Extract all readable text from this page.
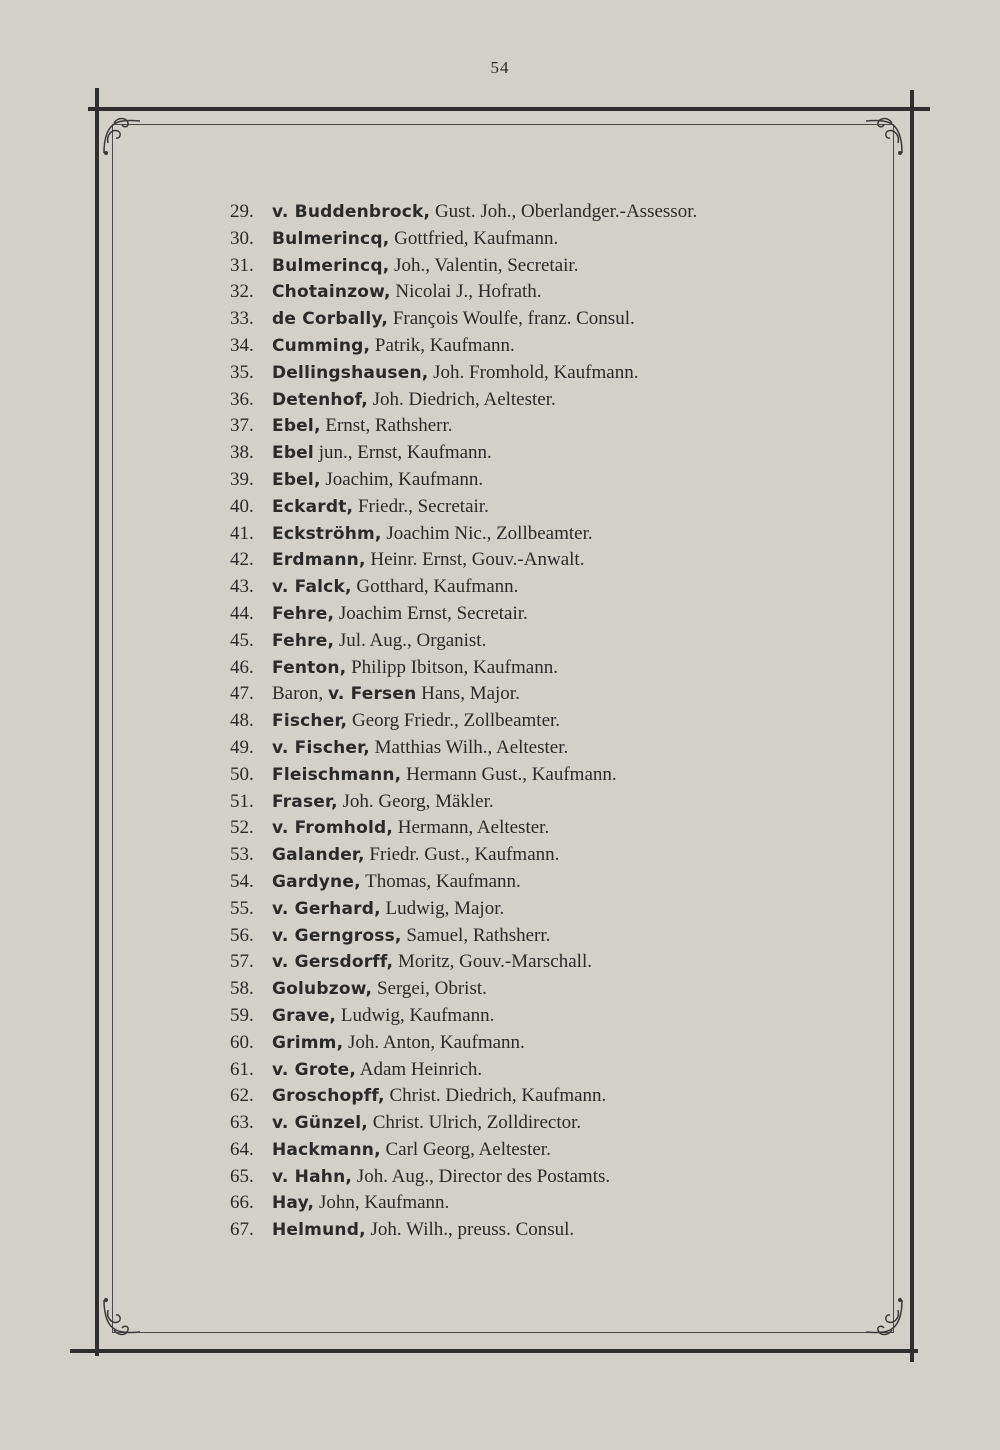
54
29. v. Buddenbrock, Gust. Joh., Oberlandger.-Assessor.
30. Bulmerincq, Gottfried, Kaufmann.
31. Bulmerincq, Joh., Valentin, Secretair.
32. Chotainzow, Nicolai J., Hofrath.
33. de Corbally, François Woulfe, franz. Consul.
34. Cumming, Patrik, Kaufmann.
35. Dellingshausen, Joh. Fromhold, Kaufmann.
36. Detenhof, Joh. Diedrich, Aeltester.
37. Ebel, Ernst, Rathsherr.
38. Ebel jun., Ernst, Kaufmann.
39. Ebel, Joachim, Kaufmann.
40. Eckardt, Friedr., Secretair.
41. Eckströhm, Joachim Nic., Zollbeamter.
42. Erdmann, Heinr. Ernst, Gouv.-Anwalt.
43. v. Falck, Gotthard, Kaufmann.
44. Fehre, Joachim Ernst, Secretair.
45. Fehre, Jul. Aug., Organist.
46. Fenton, Philipp Ibitson, Kaufmann.
47. Baron, v. Fersen Hans, Major.
48. Fischer, Georg Friedr., Zollbeamter.
49. v. Fischer, Matthias Wilh., Aeltester.
50. Fleischmann, Hermann Gust., Kaufmann.
51. Fraser, Joh. Georg, Mäkler.
52. v. Fromhold, Hermann, Aeltester.
53. Galander, Friedr. Gust., Kaufmann.
54. Gardyne, Thomas, Kaufmann.
55. v. Gerhard, Ludwig, Major.
56. v. Gerngross, Samuel, Rathsherr.
57. v. Gersdorff, Moritz, Gouv.-Marschall.
58. Golubzow, Sergei, Obrist.
59. Grave, Ludwig, Kaufmann.
60. Grimm, Joh. Anton, Kaufmann.
61. v. Grote, Adam Heinrich.
62. Groschopff, Christ. Diedrich, Kaufmann.
63. v. Günzel, Christ. Ulrich, Zolldirector.
64. Hackmann, Carl Georg, Aeltester.
65. v. Hahn, Joh. Aug., Director des Postamts.
66. Hay, John, Kaufmann.
67. Helmund, Joh. Wilh., preuss. Consul.
